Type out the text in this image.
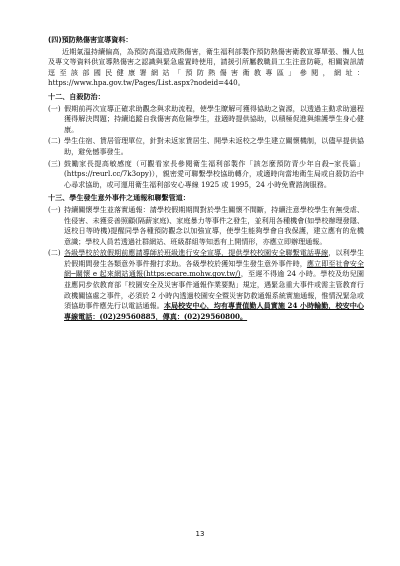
(四)預防熱傷害宣導資料：

近期氣溫持續偏高，為預防高溫造成熱傷害，衛生福利部製作預防熱傷害衛教宣導單張、懶人包及專文等資料供宣導熱傷害之認識與緊急處置時使用，請援引所屬教職員工生注意防範，相關資訊請逕至該部國民健康署網站「預防熱傷害衛教專區」參閱，網址：https://www.hpa.gov.tw/Pages/List.aspx?nodeid=440。

十二、自殺防治：
(一) 假期前再次宣導正確求助觀念與求助流程，使學生瞭解可獲得協助之資源，以透過主動求助過程獲得解決問題；持續追蹤自我傷害高危險學生，並適時提供協助，以積極促進與維護學生身心健康。
(二) 學生住宿、賃居管理單位，針對未返家賃居生、開學未返校之學生建立關懷機制，以儘早提供協助，避免憾事發生。
(三) 鼓勵家長提高敏感度（可觀看家長參閱衛生福利部製作「該怎麼預防青少年自殺─家長篇」(https://reurl.cc/7k3opy)），親密愛可聯繫學校協助轉介，或適時向當地衛生局或自殺防治中心尋求協助，或可運用衛生福利部安心專線 1925 或 1995，24 小時免費諮詢服務。
十三、學生發生意外事件之通報和聯繫管道：
(一) 持續關懷學生並落實通報：請學校假期期間對於學生關懷不間斷，持續注意學校學生有無受虐、性侵害、未獲妥善照顧(隔薪家庭)、家庭暴力等事件之發生，並利用各種機會(如學校辦理發隱、返校日等時機)提醒同學各種預防觀念以加強宣導，使學生能夠學會自我保護，建立應有的危機意識；學校人員若透過社群網站、班級群組等知悉有上開情形，亦應立即辦理通報。
(二) 各級學校於放假期前應請導師於班級進行安全宣導，提供學校校園安全聯繫電話專線，以利學生於假期間發生各類意外事件撥打求助。各級學校於獲知學生發生意外事件時，應立即至社會安全網─關懷 e 起來網站通報(https:ecare.mohw.gov.tw/)，至遲不得逾 24 小時。學校及幼兒園並應同步依教育部「校園安全及災害事件通報作業要點」規定，遇緊急重大事件或需主管教育行政機關協處之事件，必須於 2 小時內透過校園安全暨災害防救通報系統實施通報，惟情況緊急或須協助事件應先行以電話通報。本局校安中心，均有專責值勤人員實施 24 小時輪勤，校安中心專線電話：(02)29560885，傳真：(02)29560800。
13
